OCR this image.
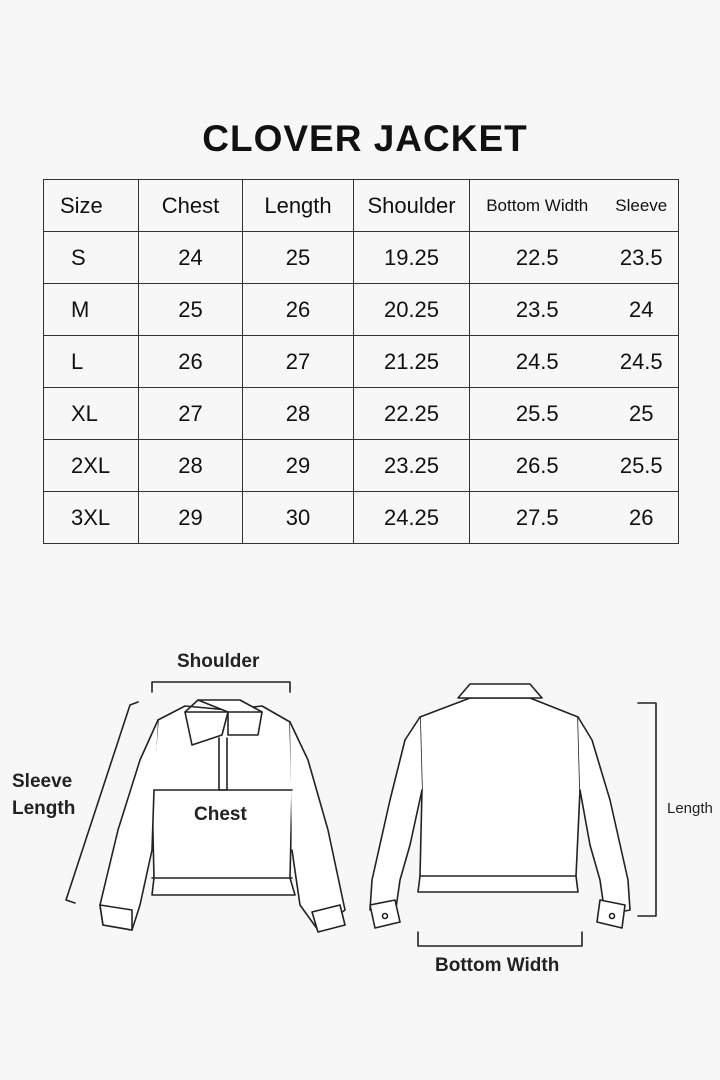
CLOVER JACKET
Size	Chest	Length	Shoulder	Bottom Width	Sleeve
S	24	25	19.25	22.5	23.5
M	25	26	20.25	23.5	24
L	26	27	21.25	24.5	24.5
XL	27	28	22.25	25.5	25
2XL	28	29	23.25	26.5	25.5
3XL	29	30	24.25	27.5	26
Shoulder
Sleeve
Length	Chest	Length
Bottom Width
